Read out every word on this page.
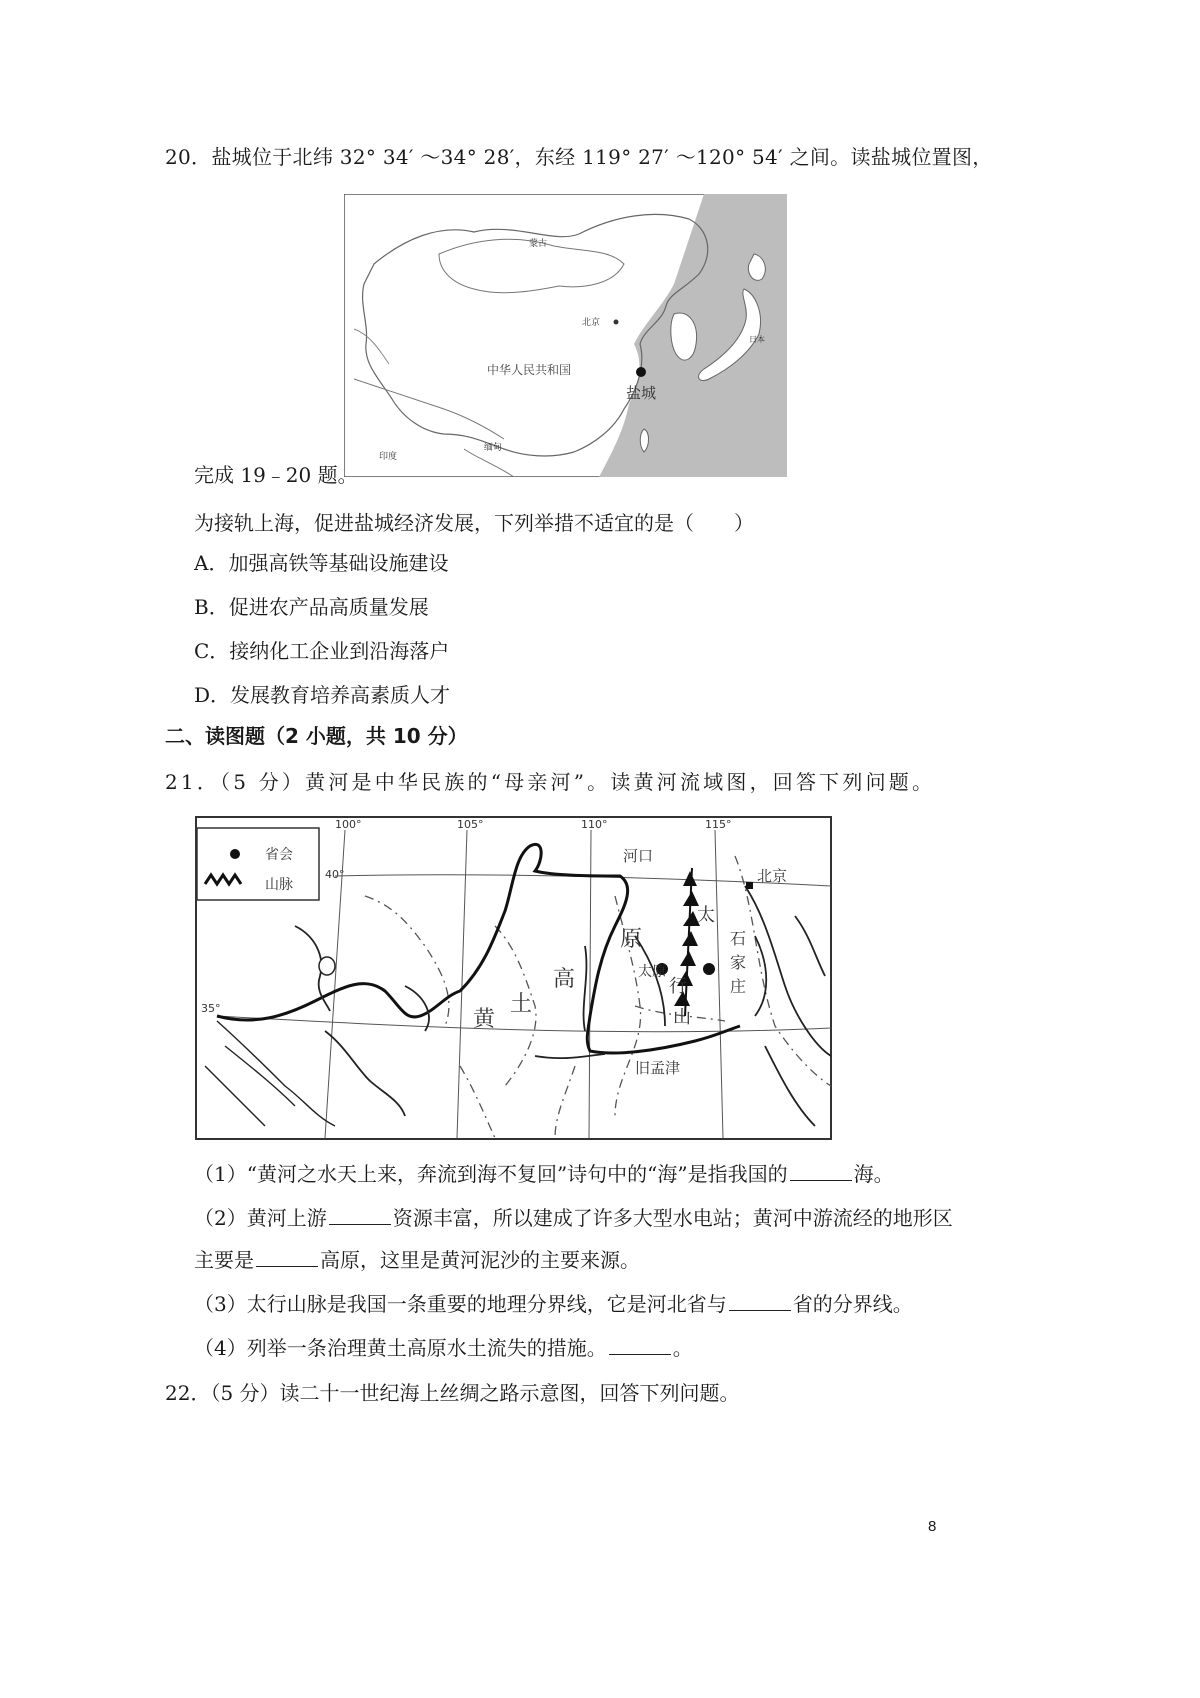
20．盐城位于北纬 32° 34′ ～34° 28′，东经 119° 27′ ～120° 54′ 之间。读盐城位置图，
蒙古
北京
中华人民共和国
盐城
印度
缅甸
日本
完成 19﹣20 题。
为接轨上海，促进盐城经济发展，下列举措不适宜的是（　　）
A．加强高铁等基础设施建设
B．促进农产品高质量发展
C．接纳化工企业到沿海落户
D．发展教育培养高素质人才
二、读图题（2 小题，共 10 分）
21．（5 分）黄河是中华民族的“母亲河”。读黄河流域图，回答下列问题。
省会
山脉
100°	105°	110°	115°
40°
35°
河口
北京
原
太原
石
家
庄
黄
土
高
太
行
山
旧孟津
（1）“黄河之水天上来，奔流到海不复回”诗句中的“海”是指我国的	海。
（2）黄河上游	资源丰富，所以建成了许多大型水电站；黄河中游流经的地形区
主要是	高原，这里是黄河泥沙的主要来源。
（3）太行山脉是我国一条重要的地理分界线，它是河北省与	省的分界线。
（4）列举一条治理黄土高原水土流失的措施。	。
22．（5 分）读二十一世纪海上丝绸之路示意图，回答下列问题。
8
